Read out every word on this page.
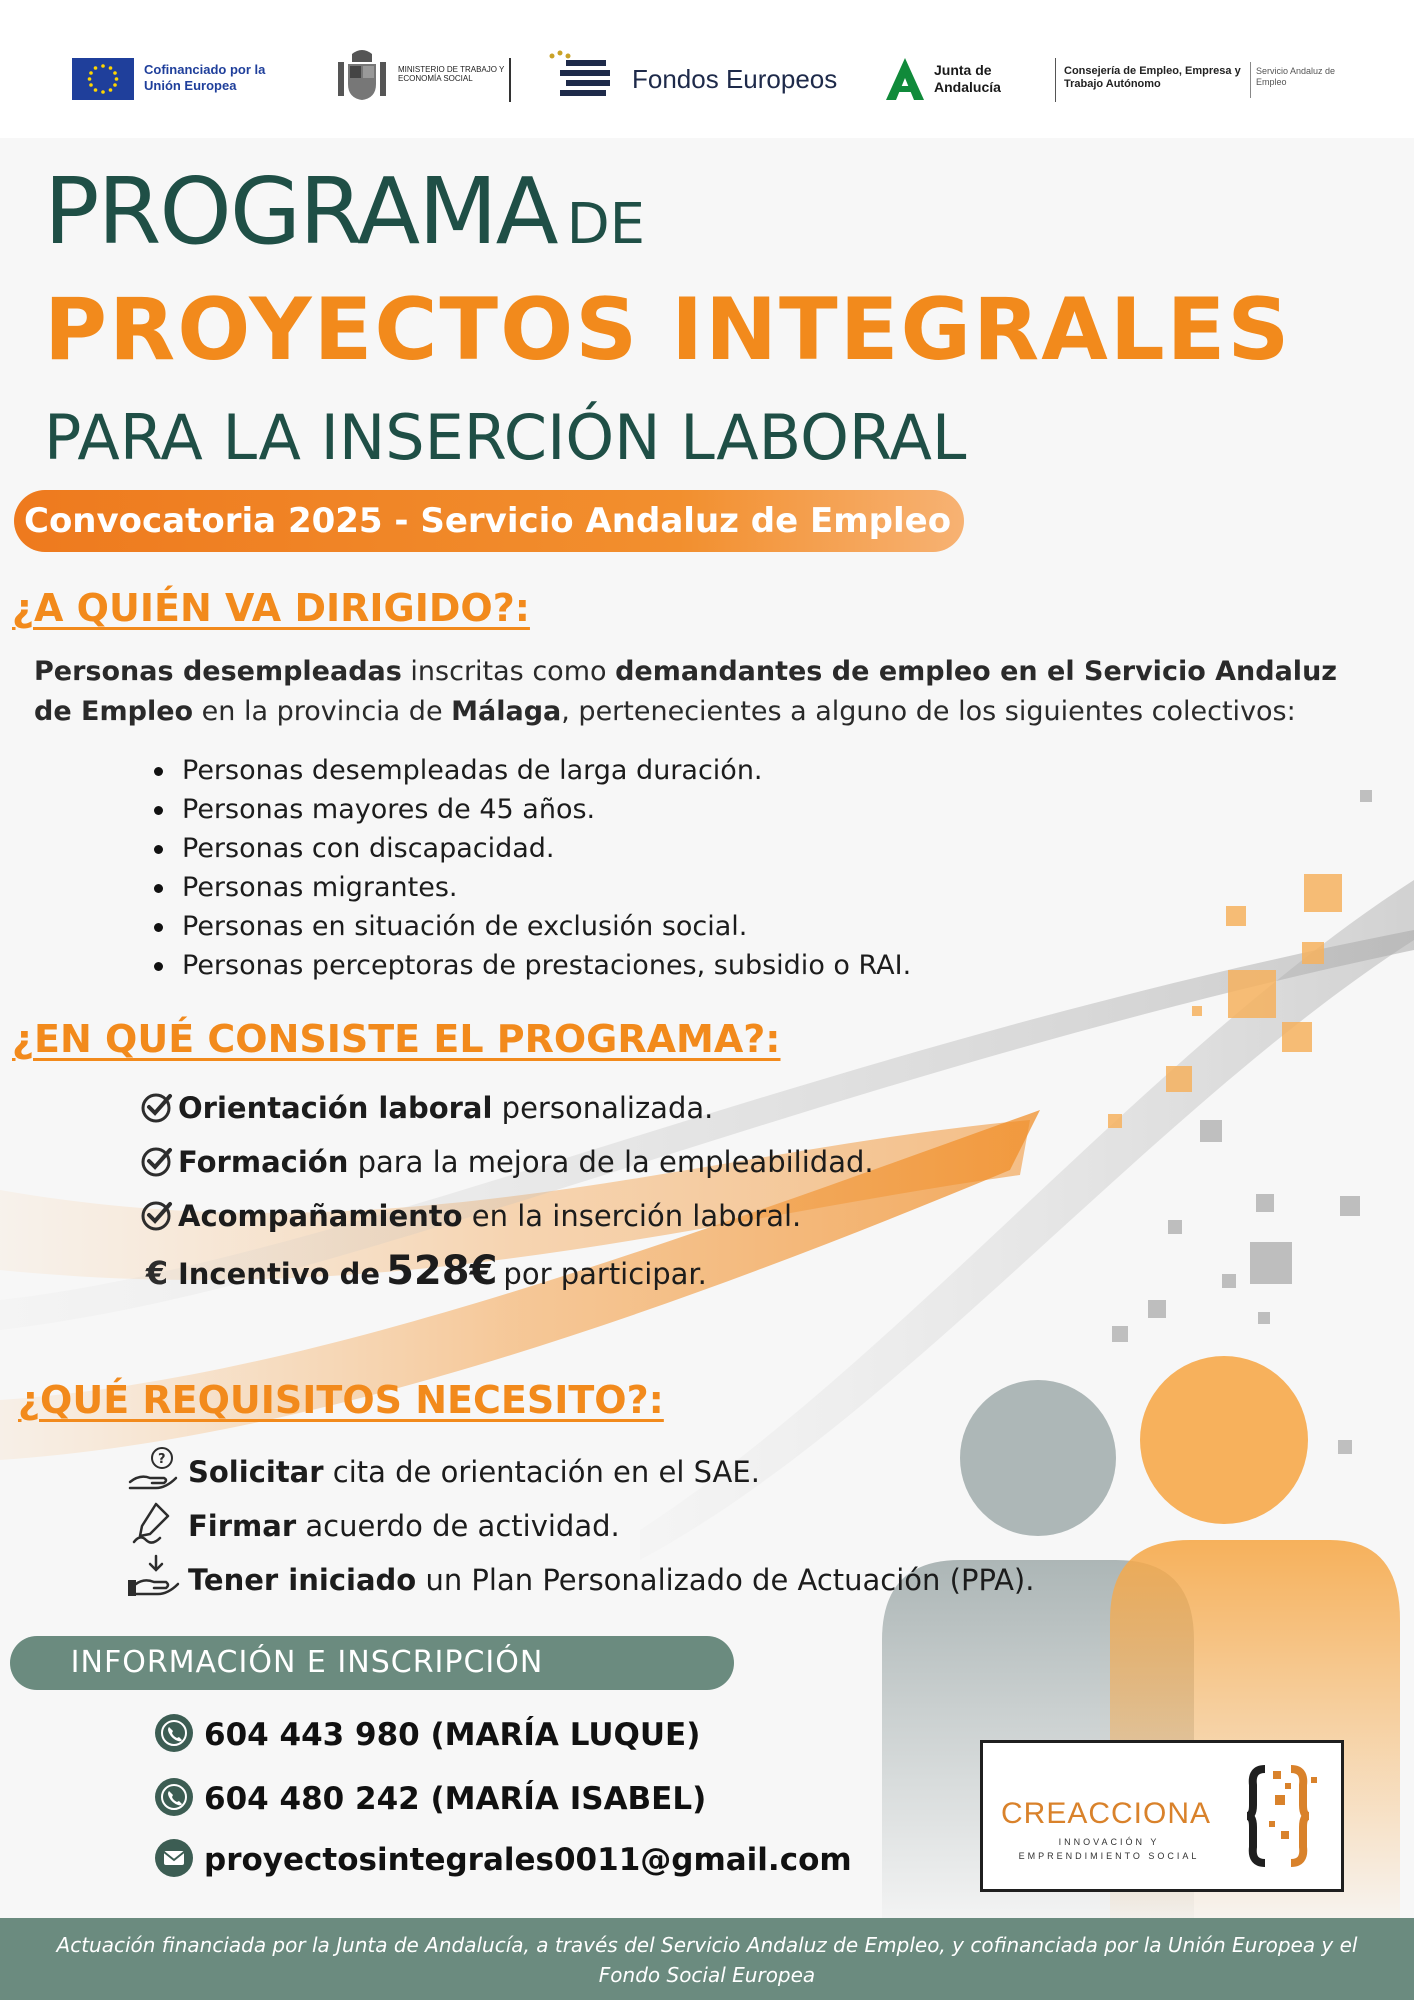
Cofinanciado por la Unión Europea
MINISTERIO DE TRABAJO Y ECONOMÍA SOCIAL	Fondos Europeos	Junta de Andalucía
Consejería de Empleo, Empresa y Trabajo Autónomo
Servicio Andaluz de Empleo
PROGRAMA DE
PROYECTOS INTEGRALES
PARA LA INSERCIÓN LABORAL
Convocatoria 2025 - Servicio Andaluz de Empleo
¿A QUIÉN VA DIRIGIDO?:

Personas desempleadas inscritas como demandantes de empleo en el Servicio Andaluz de Empleo en la provincia de Málaga, pertenecientes a alguno de los siguientes colectivos:

Personas desempleadas de larga duración.
Personas mayores de 45 años.
Personas con discapacidad.
Personas migrantes.
Personas en situación de exclusión social.
Personas perceptoras de prestaciones, subsidio o RAI.
¿EN QUÉ CONSISTE EL PROGRAMA?:
Orientación laboral personalizada.
Formación para la mejora de la empleabilidad.
Acompañamiento en la inserción laboral.
€ Incentivo de 528€ por participar.
¿QUÉ REQUISITOS NECESITO?:
? Solicitar cita de orientación en el SAE.
Firmar acuerdo de actividad.
Tener iniciado un Plan Personalizado de Actuación (PPA).
INFORMACIÓN E INSCRIPCIÓN
604 443 980 (MARÍA LUQUE)
604 480 242 (MARÍA ISABEL)
proyectosintegrales0011@gmail.com
CREACCIONA
INNOVACIÓN Y EMPRENDIMIENTO SOCIAL
Actuación financiada por la Junta de Andalucía, a través del Servicio Andaluz de Empleo, y cofinanciada por la Unión Europea y el Fondo Social Europea
